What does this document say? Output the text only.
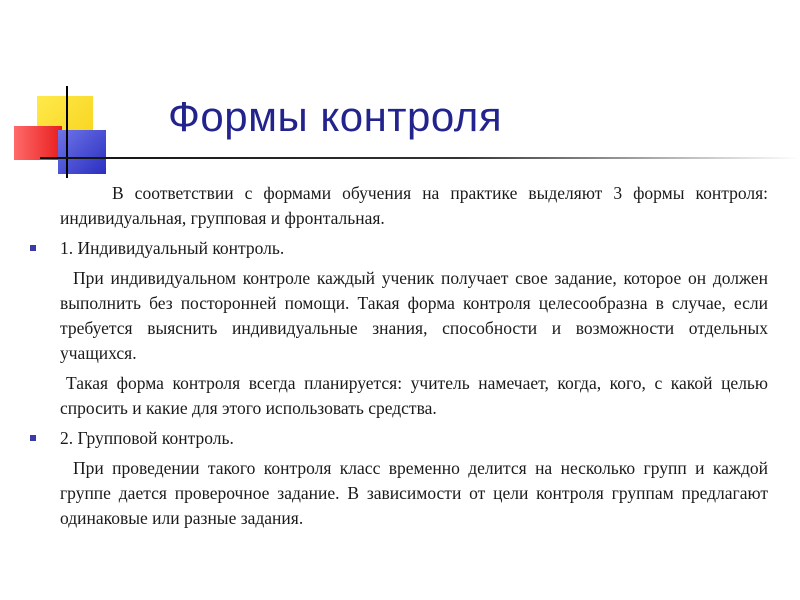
Формы контроля

В соответствии с формами обучения на практике выделяют 3 формы контроля: индивидуальная, групповая и фронтальная.

1. Индивидуальный контроль.

При индивидуальном контроле каждый ученик получает свое задание, которое он должен выполнить без посторонней помощи. Такая форма контроля целесообразна в случае, если требуется выяснить индивидуальные знания, способности и возможности отдельных учащихся.

Такая форма контроля всегда планируется: учитель намечает, когда, кого, с какой целью спросить и какие для этого использовать средства.

2. Групповой контроль.

При проведении такого контроля класс временно делится на несколько групп и каждой группе дается проверочное задание. В зависимости от цели контроля группам предлагают одинаковые или разные задания.
